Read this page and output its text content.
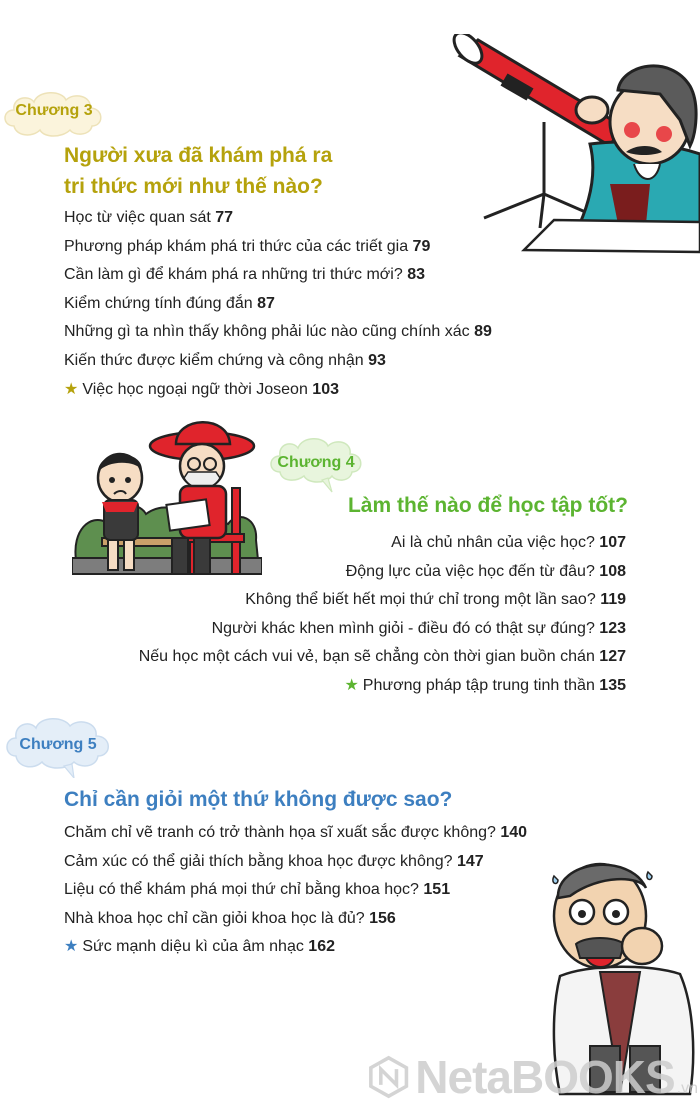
Chương 3
Người xưa đã khám phá ra
tri thức mới như thế nào?
Học từ việc quan sát 77
Phương pháp khám phá tri thức của các triết gia 79
Cần làm gì để khám phá ra những tri thức mới? 83
Kiểm chứng tính đúng đắn 87
Những gì ta nhìn thấy không phải lúc nào cũng chính xác 89
Kiến thức được kiểm chứng và công nhận 93
★ Việc học ngoại ngữ thời Joseon 103
Chương 4
Làm thế nào để học tập tốt?
Ai là chủ nhân của việc học? 107
Động lực của việc học đến từ đâu? 108
Không thể biết hết mọi thứ chỉ trong một lần sao? 119
Người khác khen mình giỏi - điều đó có thật sự đúng? 123
Nếu học một cách vui vẻ, bạn sẽ chẳng còn thời gian buồn chán 127
★ Phương pháp tập trung tinh thần 135
Chương 5
Chỉ cần giỏi một thứ không được sao?
Chăm chỉ vẽ tranh có trở thành họa sĩ xuất sắc được không? 140
Cảm xúc có thể giải thích bằng khoa học được không? 147
Liệu có thể khám phá mọi thứ chỉ bằng khoa học? 151
Nhà khoa học chỉ cần giỏi khoa học là đủ? 156
★ Sức mạnh diệu kì của âm nhạc 162
NetaBOOKS .vn
